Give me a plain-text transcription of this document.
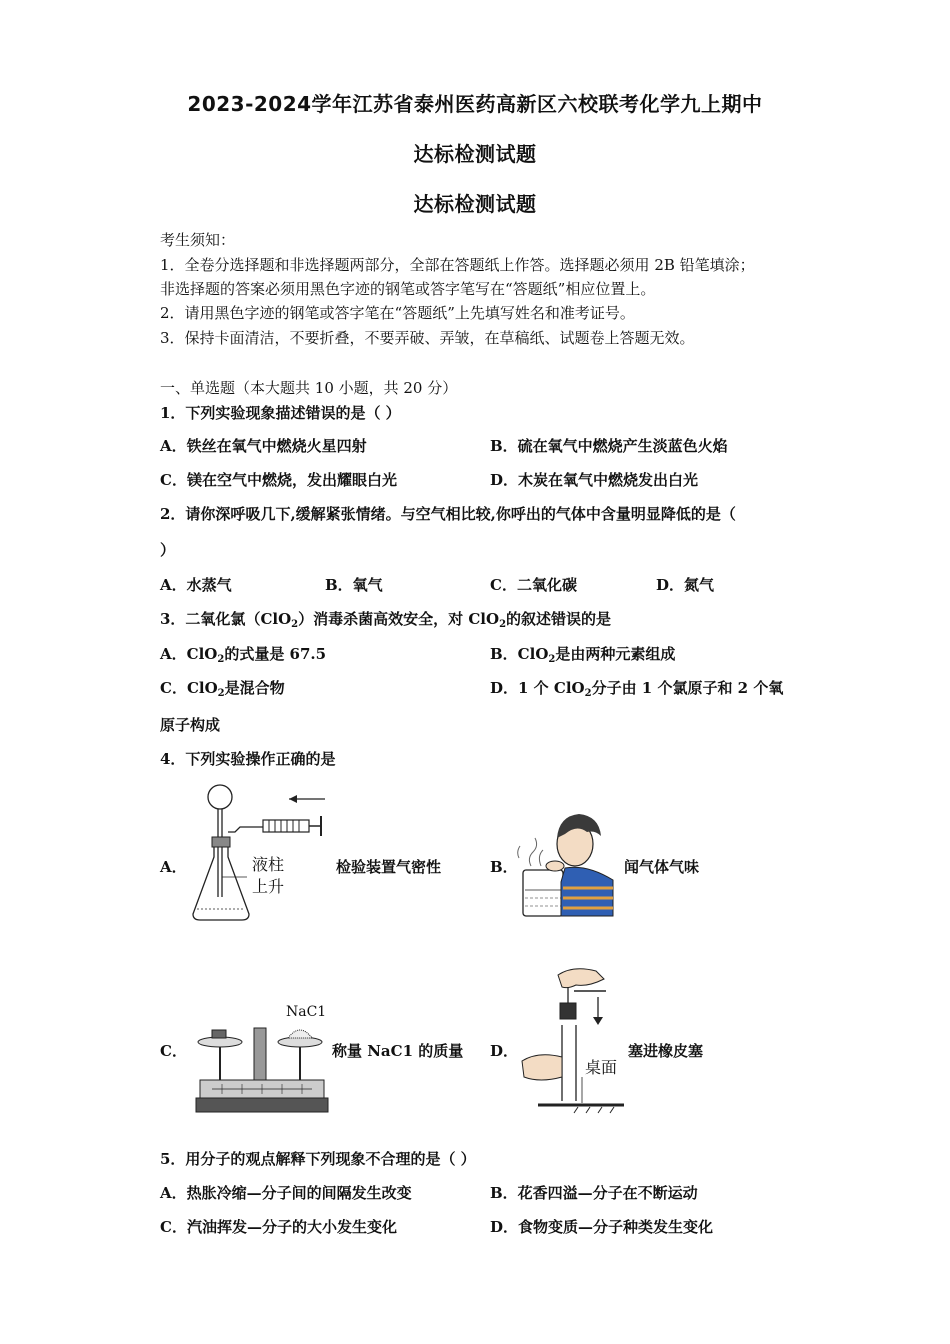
2023-2024学年江苏省泰州医药高新区六校联考化学九上期中
达标检测试题
达标检测试题
考生须知：
1．全卷分选择题和非选择题两部分，全部在答题纸上作答。选择题必须用 2B 铅笔填涂；
非选择题的答案必须用黑色字迹的钢笔或答字笔写在“答题纸”相应位置上。
2．请用黑色字迹的钢笔或答字笔在“答题纸”上先填写姓名和准考证号。
3．保持卡面清洁，不要折叠，不要弄破、弄皱，在草稿纸、试题卷上答题无效。
一、单选题（本大题共 10 小题，共 20 分）
1．下列实验现象描述错误的是（ ）
A．铁丝在氧气中燃烧火星四射	B．硫在氧气中燃烧产生淡蓝色火焰
C．镁在空气中燃烧，发出耀眼白光	D．木炭在氧气中燃烧发出白光
2．请你深呼吸几下,缓解紧张情绪。与空气相比较,你呼出的气体中含量明显降低的是（
）
A．水蒸气	B．氧气	C．二氧化碳	D．氮气
3．二氧化氯（ClO$_2$）消毒杀菌高效安全，对 ClO$_2$的叙述错误的是
A．ClO$_2$的式量是 67.5	B．ClO$_2$是由两种元素组成
C．ClO$_2$是混合物	D．1 个 ClO$_2$分子由 1 个氯原子和 2 个氧
原子构成
4．下列实验操作正确的是
A．	液柱
上升
检验装置气密性	B．	闻气体气味
C．
NaC1
称量 NaC1 的质量 D．
桌面
塞进橡皮塞
5．用分子的观点解释下列现象不合理的是（ ）
A．热胀冷缩—分子间的间隔发生改变	B．花香四溢—分子在不断运动
C．汽油挥发—分子的大小发生变化	D．食物变质—分子种类发生变化
